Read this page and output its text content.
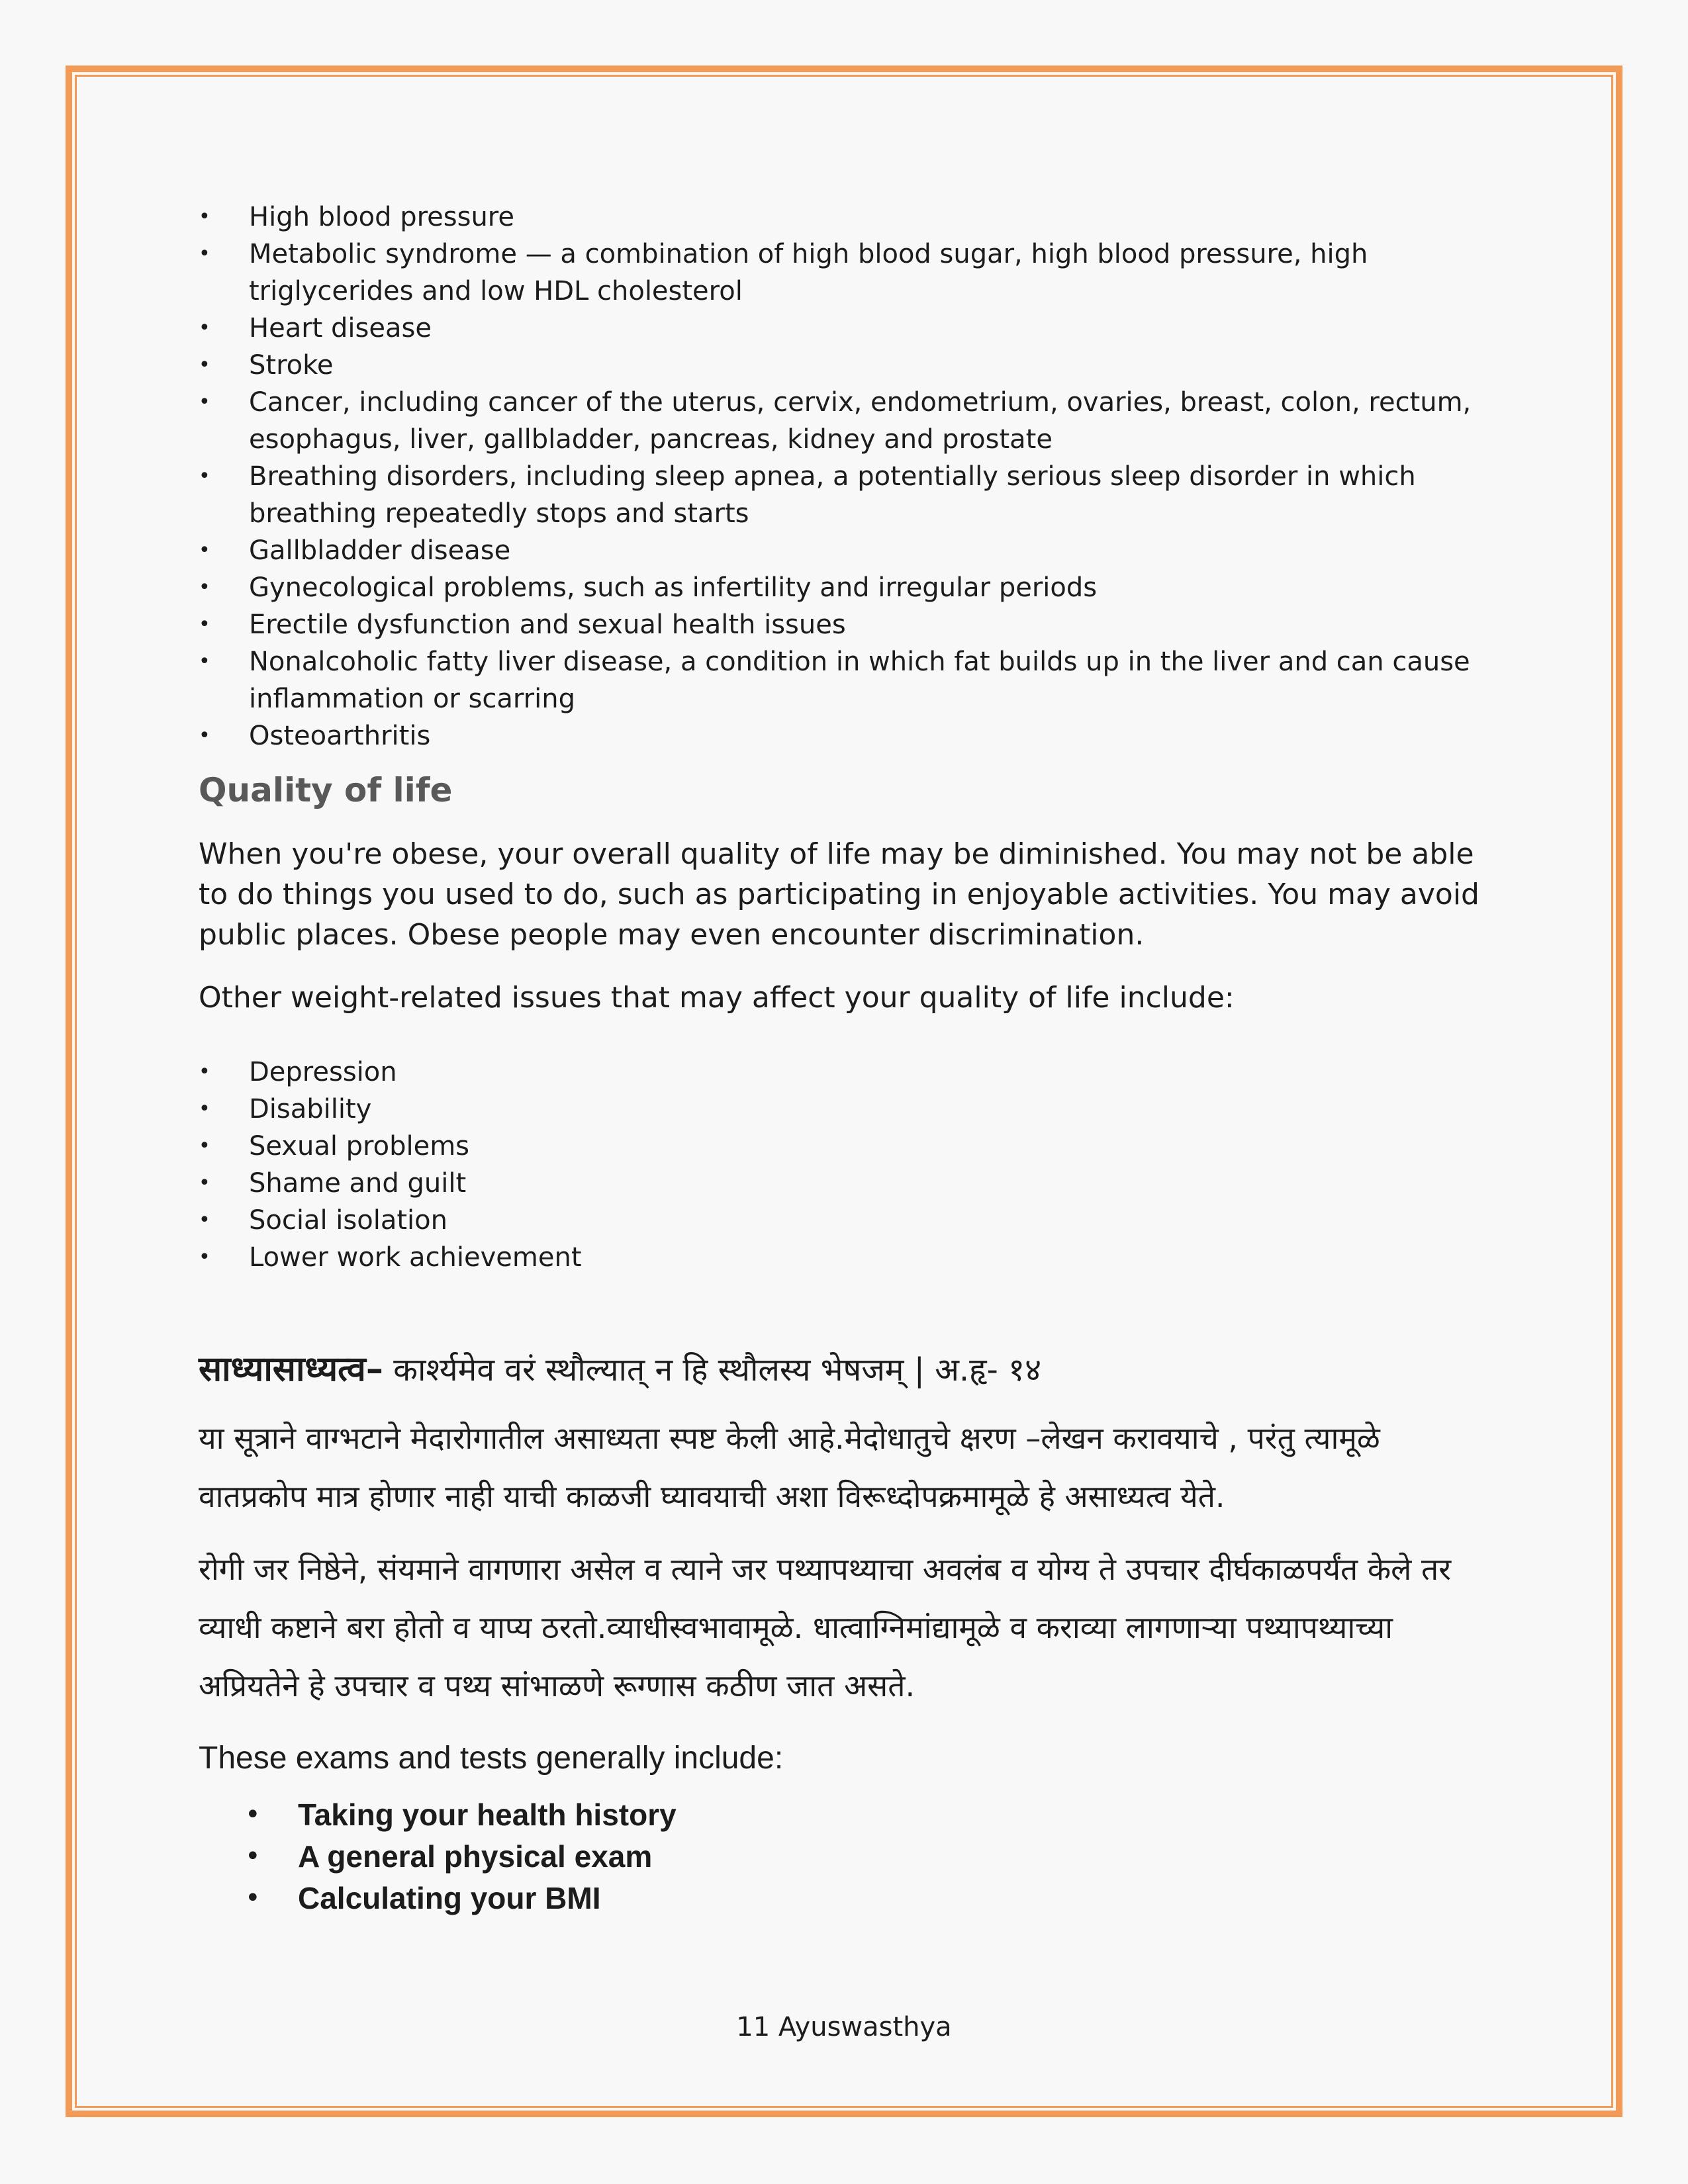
• High blood pressure
• Metabolic syndrome — a combination of high blood sugar, high blood pressure, high triglycerides and low HDL cholesterol
• Heart disease
• Stroke
• Cancer, including cancer of the uterus, cervix, endometrium, ovaries, breast, colon, rectum, esophagus, liver, gallbladder, pancreas, kidney and prostate
• Breathing disorders, including sleep apnea, a potentially serious sleep disorder in which breathing repeatedly stops and starts
• Gallbladder disease
• Gynecological problems, such as infertility and irregular periods
• Erectile dysfunction and sexual health issues
• Nonalcoholic fatty liver disease, a condition in which fat builds up in the liver and can cause inflammation or scarring
• Osteoarthritis
Quality of life

When you're obese, your overall quality of life may be diminished. You may not be able to do things you used to do, such as participating in enjoyable activities. You may avoid public places. Obese people may even encounter discrimination.

Other weight-related issues that may affect your quality of life include:

• Depression
• Disability
• Sexual problems
• Shame and guilt
• Social isolation
• Lower work achievement
साध्यासाध्यत्व– कार्श्यमेव वरं स्थौल्यात् न हि स्थौलस्य भेषजम् | अ.हृ- १४

या सूत्राने वाग्भटाने मेदारोगातील असाध्यता स्पष्ट केली आहे.मेदोधातुचे क्षरण –लेखन करावयाचे , परंतु त्यामूळे वातप्रकोप मात्र होणार नाही याची काळजी घ्यावयाची अशा विरूध्दोपक्रमामूळे हे असाध्यत्व येते.

रोगी जर निष्ठेने, संयमाने वागणारा असेल व त्याने जर पथ्यापथ्याचा अवलंब व योग्य ते उपचार दीर्घकाळपर्यंत केले तर व्याधी कष्टाने बरा होतो व याप्य ठरतो.व्याधीस्वभावामूळे. धात्वाग्निमांद्यामूळे व कराव्या लागणाऱ्या पथ्यापथ्याच्या अप्रियतेने हे उपचार व पथ्य सांभाळणे रूग्णास कठीण जात असते.

These exams and tests generally include:
• Taking your health history
• A general physical exam
• Calculating your BMI
11 Ayuswasthya
